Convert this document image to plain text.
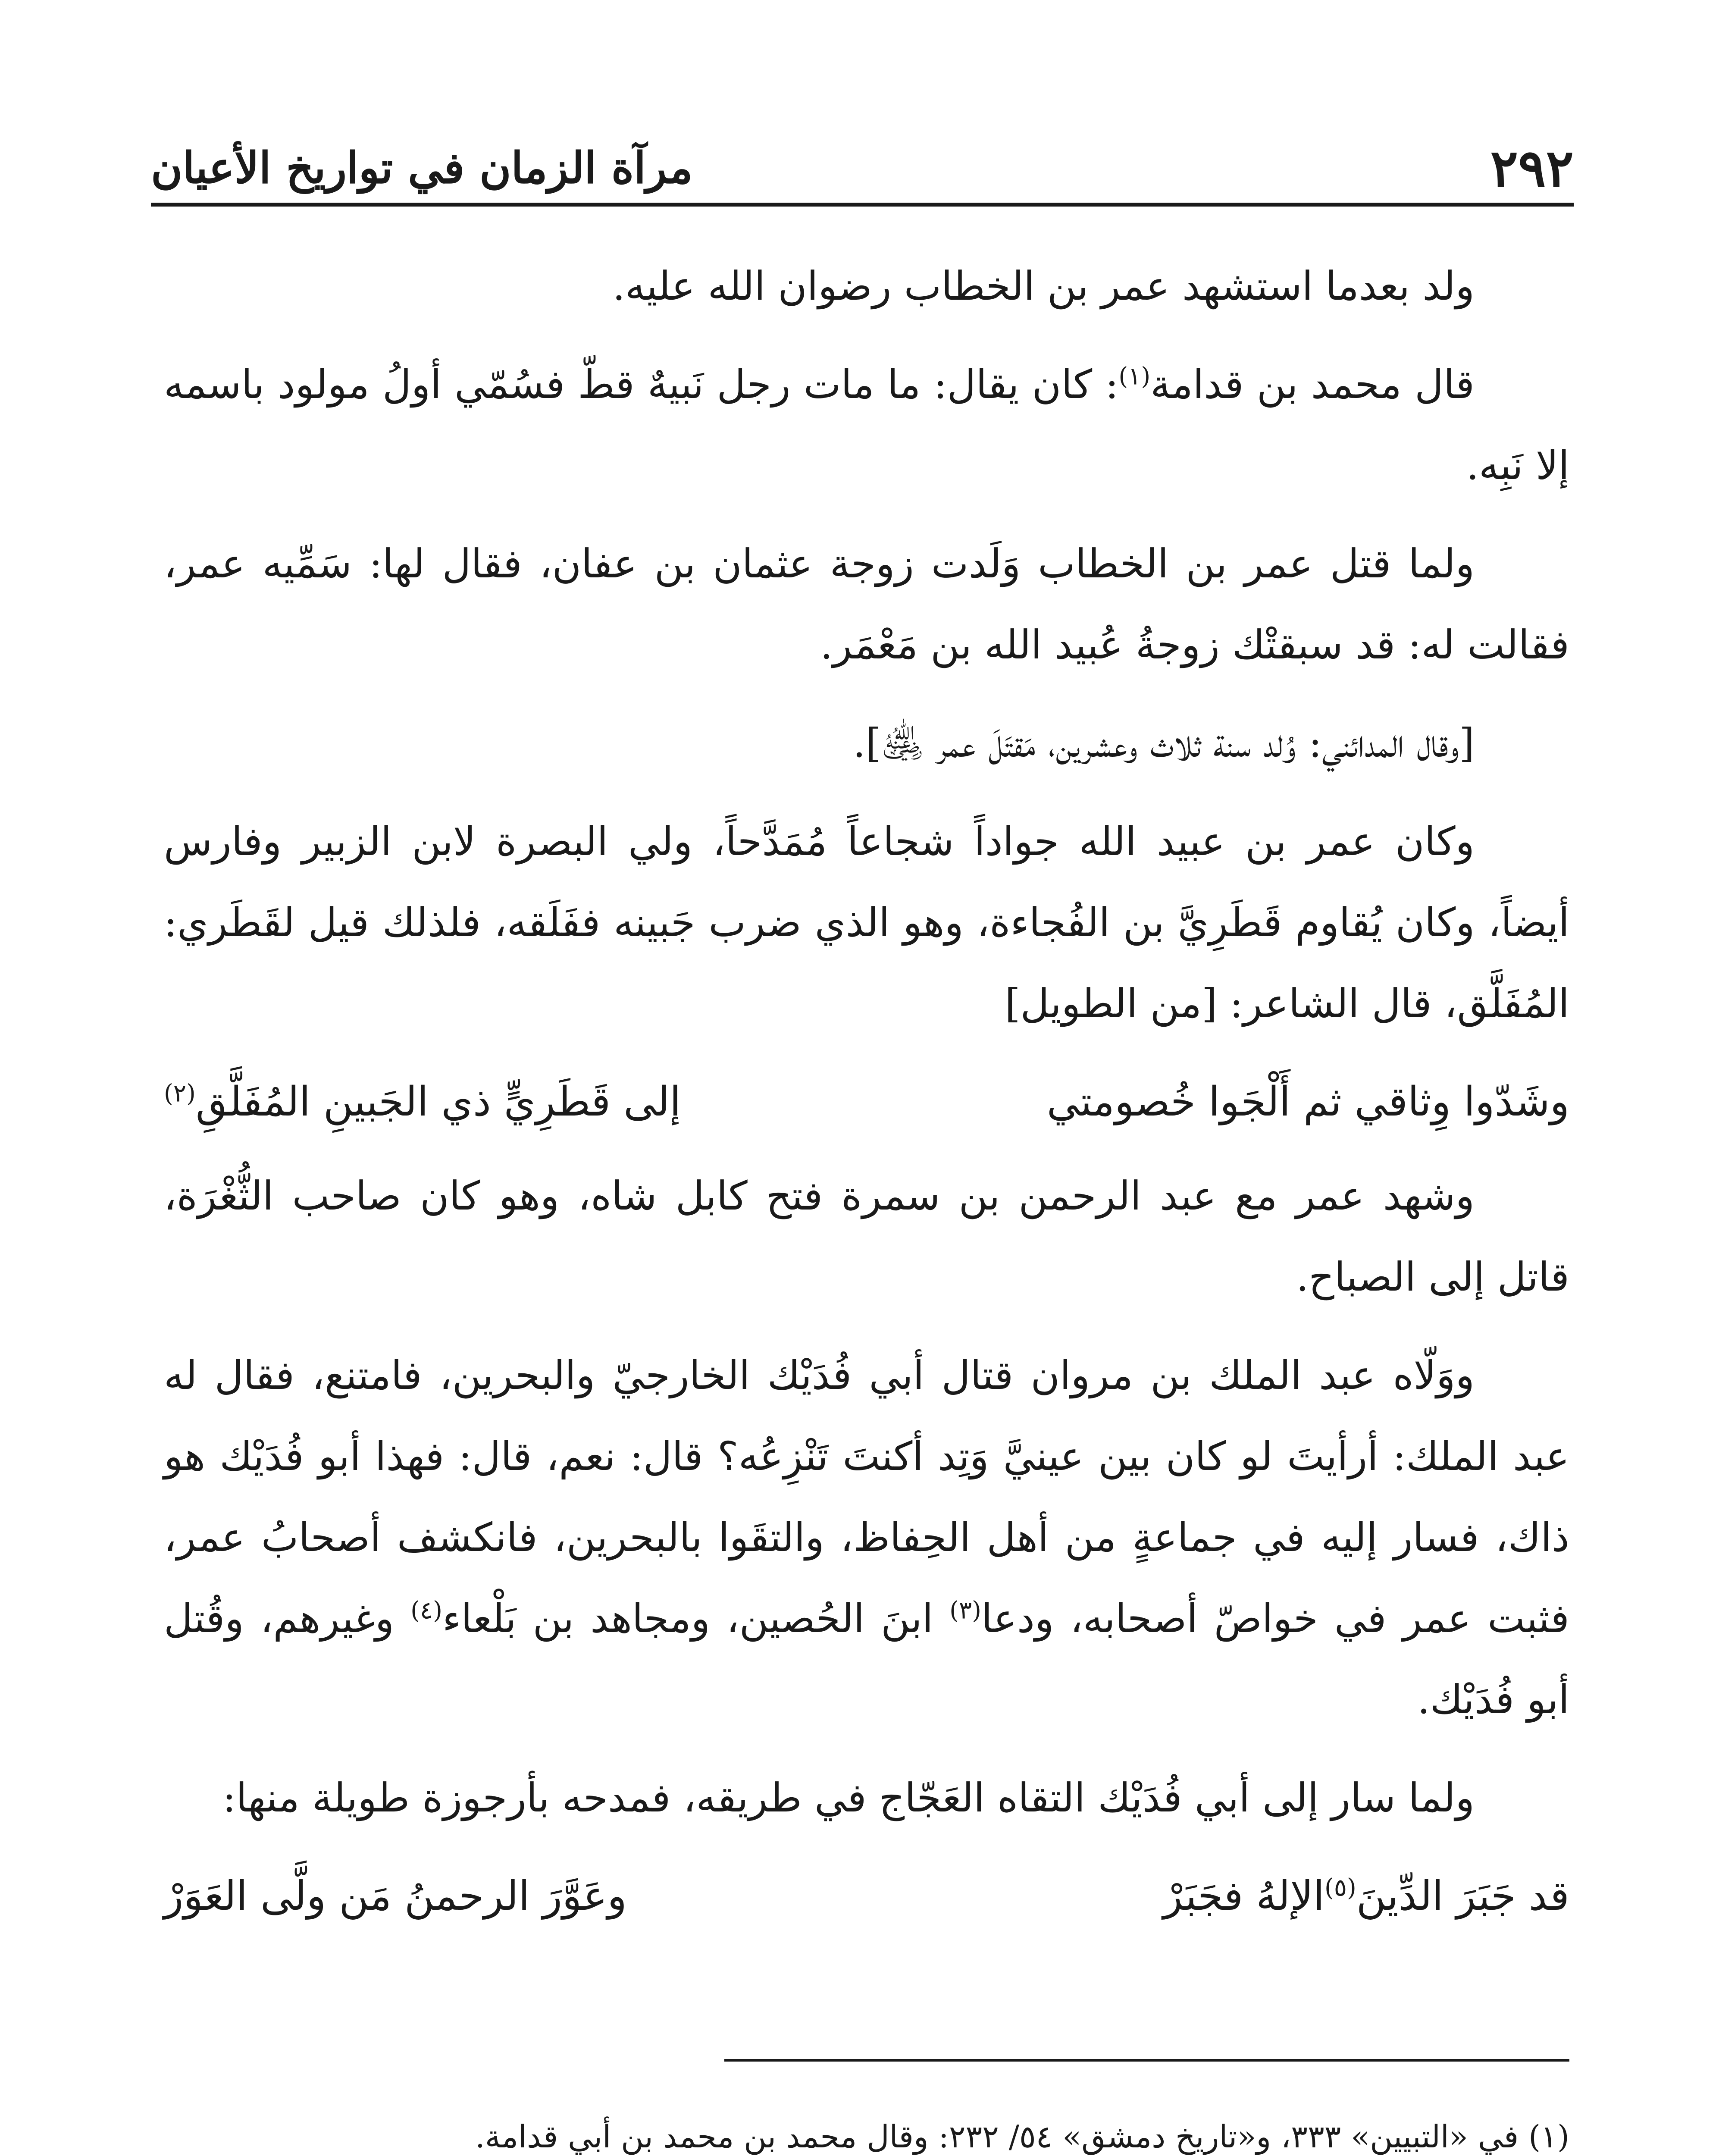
٢٩٢
مرآة الزمان في تواريخ الأعيان

ولد بعدما استشهد عمر بن الخطاب رضوان الله عليه.

قال محمد بن قدامة$^{(١)}$: كان يقال: ما مات رجل نَبيهٌ قطّ فسُمّي أولُ مولود باسمه إلا نَبِه.

ولما قتل عمر بن الخطاب وَلَدت زوجة عثمان بن عفان، فقال لها: سَمِّيه عمر، فقالت له: قد سبقتْك زوجةُ عُبيد الله بن مَعْمَر.

[وقال المدائني: وُلد سنة ثلاث وعشرين، مَقتَلَ عمر ﵁].

وكان عمر بن عبيد الله جواداً شجاعاً مُمَدَّحاً، ولي البصرة لابن الزبير وفارس أيضاً، وكان يُقاوم قَطَرِيَّ بن الفُجاءة، وهو الذي ضرب جَبينه ففَلَقه، فلذلك قيل لقَطَري: المُفَلَّق، قال الشاعر: [من الطويل]

وشَدّوا وِثاقي ثم أَلْجَوا خُصومتي
إلى قَطَرِيٍّ ذي الجَبينِ المُفَلَّقِ$^{(٢)}$

وشهد عمر مع عبد الرحمن بن سمرة فتح كابل شاه، وهو كان صاحب الثُّغْرَة، قاتل إلى الصباح.

ووَلّاه عبد الملك بن مروان قتال أبي فُدَيْك الخارجيّ والبحرين، فامتنع، فقال له عبد الملك: أرأيتَ لو كان بين عينيَّ وَتِد أكنتَ تَنْزِعُه؟ قال: نعم، قال: فهذا أبو فُدَيْك هو ذاك، فسار إليه في جماعةٍ من أهل الحِفاظ، والتقَوا بالبحرين، فانكشف أصحابُ عمر، فثبت عمر في خواصّ أصحابه، ودعا$^{(٣)}$ ابنَ الحُصين، ومجاهد بن بَلْعاء$^{(٤)}$ وغيرهم، وقُتل أبو فُدَيْك.

ولما سار إلى أبي فُدَيْك التقاه العَجّاج في طريقه، فمدحه بأرجوزة طويلة منها:

قد جَبَرَ الدِّينَ$^{(٥)}$الإلهُ فجَبَرْ
وعَوَّرَ الرحمنُ مَن ولَّى العَوَرْ
(١) في «التبيين» ٣٣٣، و«تاريخ دمشق» ٥٤/ ٢٣٢: وقال محمد بن محمد بن أبي قدامة.
